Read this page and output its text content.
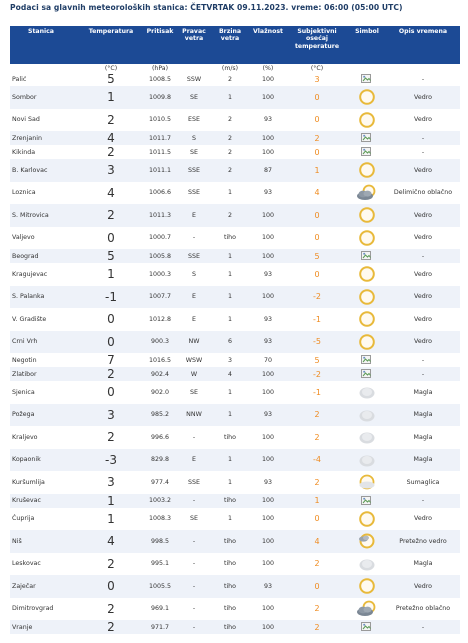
Podaci sa glavnih meteoroloških stanica: ČETVRTAK 09.11.2023. vreme: 06:00 (05:00 UTC)
Stanica	Temperatura	Pritisak	Pravac vetra	Brzina vetra	Vlažnost	Subjektivni osećaj temperature	Simbol	Opis vremena
	(°C)	(hPa)		(m/s)	(%)	(°C)		
Palić	5	1008.5	SSW	2	100	3		-
Sombor	1	1009.8	SE	1	100	0		Vedro
Novi Sad	2	1010.5	ESE	2	93	0		Vedro
Zrenjanin	4	1011.7	S	2	100	2		-
Kikinda	2	1011.5	SE	2	100	0		-
B. Karlovac	3	1011.1	SSE	2	87	1		Vedro
Loznica	4	1006.6	SSE	1	93	4		Delimično oblačno
S. Mitrovica	2	1011.3	E	2	100	0		Vedro
Valjevo	0	1000.7	-	tiho	100	0		Vedro
Beograd	5	1005.8	SSE	1	100	5		-
Kragujevac	1	1000.3	S	1	93	0		Vedro
S. Palanka	-1	1007.7	E	1	100	-2		Vedro
V. Gradište	0	1012.8	E	1	93	-1		Vedro
Crni Vrh	0	900.3	NW	6	93	-5		Vedro
Negotin	7	1016.5	WSW	3	70	5		-
Zlatibor	2	902.4	W	4	100	-2		-
Sjenica	0	902.0	SE	1	100	-1		Magla
Požega	3	985.2	NNW	1	93	2		Magla
Kraljevo	2	996.6	-	tiho	100	2		Magla
Kopaonik	-3	829.8	E	1	100	-4		Magla
Kuršumlija	3	977.4	SSE	1	93	2		Sumaglica
Kruševac	1	1003.2	-	tiho	100	1		-
Ćuprija	1	1008.3	SE	1	100	0		Vedro
Niš	4	998.5	-	tiho	100	4		Pretežno vedro
Leskovac	2	995.1	-	tiho	100	2		Magla
Zaječar	0	1005.5	-	tiho	93	0		Vedro
Dimitrovgrad	2	969.1	-	tiho	100	2		Pretežno oblačno
Vranje	2	971.7	-	tiho	100	2		-
